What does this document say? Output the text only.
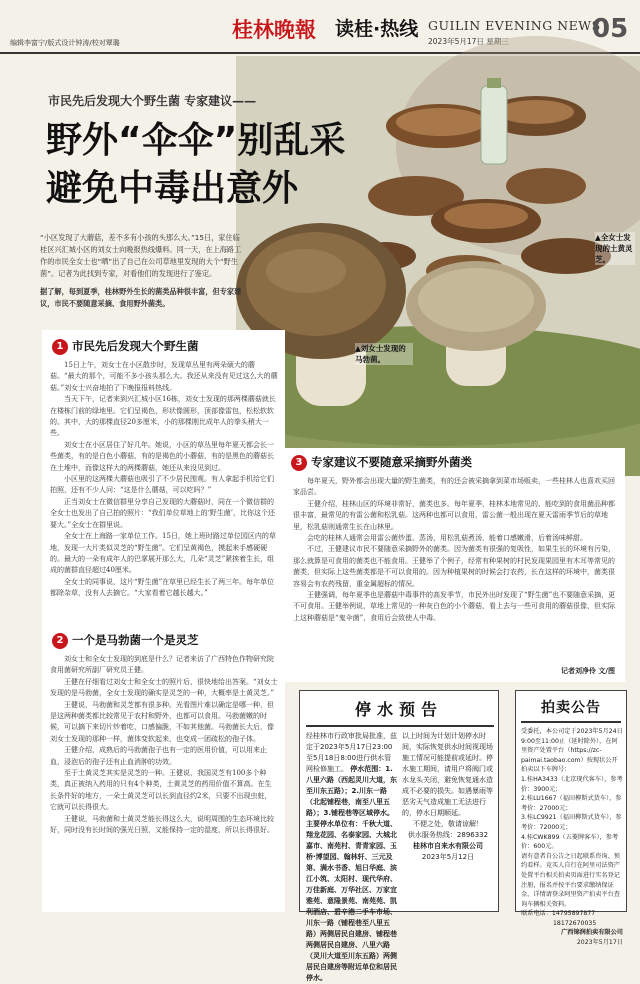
编辑李富宁/版式设计钟涛/校对覃璐
桂林晚報 读桂·热线 GUILIN EVENING NEWS
2023年5月17日 星期三	05
市民先后发现大个野生菌 专家建议——
野外“伞伞”别乱采
避免中毒出意外
“小区发现了大蘑菇，差不多有小孩的头那么大。”15日，家住临桂区兴汇城小区的刘女士向晚报热线爆料。同一天，在上海路工作的市民全女士也“晒”出了自己在公司草地里发现的大个“野生菌”。记者为此找到专家，对看他们的发现进行了鉴定。
据了解，每到夏季，桂林野外生长的菌类品种很丰富，但专家建议，市民不要随意采摘、食用野外菌类。
▲全女士发现的土黄灵芝。
▲刘女士发现的马勃菌。
1 市民先后发现大个野生菌

15日上午，刘女士在小区散步时，发现草丛里有两朵硕大的蘑菇。“最大的那个，可能不多小孩头那么大。我还从来没有见过这么大的蘑菇。”刘女士兴奋地拍了下晚报报料热线。

当天下午，记者来到兴汇城小区16栋，刘女士发现的那两棵蘑菇就长在楼栋门前的绿地里。它们呈褐色，形状像圆形，顶部像雷包，松松软软的。其中，大的那棵直径20多厘米，小的那棵刚比成年人的拳头稍大一些。

刘女士在小区居住了好几年。她说，小区的草丛里每年夏天都会长一些菌类，有的是白色小蘑菇，有的是褐色的小蘑菇，有的是黑色的蘑菇长在土堆中，而像这样大的两棵蘑菇，她还从来没见到过。

小区里的这两棵大蘑菇也吸引了不少居民围观。有人拿起手机给它们拍照，还有不少人问：“这是什么蘑菇，可以吃吗？”

正当刘女士在微信群里分享自己发现的大蘑菇时，同在一个微信群的全女士也发出了自己拍的照片：“我们单位草地上的‘野生菌’，比你这个还要大。”全女士在群里说。

全女士在上海路一家单位工作。15日，她上班时路过单位园区内的草地，发现一大片类似灵芝的“野生菌”。它们呈黄褐色，摸起来手感硬硬的。最大的一朵有成年人的巴掌展开那么大，几朵“灵芝”紧挨着生长，组成的菌群直径超过40厘米。

全女士的同事说，这片“野生菌”在草里已经生长了两三年。每年单位都除杂草，没有人去摘它。“大家看着它越长越大。”

2 一个是马勃菌一个是灵芝

刘女士和全女士发现的到底是什么？记者来访了广西特色作物研究院食用菌研究所副厂研究员王健。

王健在仔细看过刘女士和全女士的照片后，很快地给出答案。“刘女士发现的是马勃菌，全女士发现的确实是灵芝的一种，大概率是土黄灵芝。”

王健说，马勃菌和灵芝都有很多种。光看图片难以确定是哪一种，但是这两种菌类都比较常见于农村和野外，也都可以食用。马勃菌嫩的时候，可以摘下来切片炒着吃，口感偏脆，不如其他菌。马勃菌长大后，像刘女士发现的那种一样，菌体变软起来，也变成一团疏松的孢子体。

王健介绍，成熟后的马勃菌孢子也有一定的医用价值，可以用来止血，浸泡后的孢子还有止血消肿的功效。

至于土黄灵芝其实是灵芝的一种。王健说，我国灵芝有100多个种类，真正被纳入药用的只有4个种类，土黄灵芝的药用价值不算高。在生长条件好的地方，一朵土黄灵芝可以长到直径约2米，只要不出现虫蛀，它就可以长得很大。

王健说，马勃菌和土黄灵芝能长得这么大，说明周围的生态环境比较好，同时没有长时间的强光日照，又能保持一定的湿度，所以长得很好。

3 专家建议不要随意采摘野外菌类

每年夏天，野外都会出现大量的野生菌类，有的还会被采摘拿到菜市场贩卖，一些桂林人也喜欢买回家品尝。

王健介绍，桂林山区的环境非常好，菌类也多。每年夏季，桂林本地常见的、能吃到的食用菌品种都很丰富，最常见的有雷公菌和松乳菇。这两种也都可以食用，雷公菌一般出现在夏天雷雨季节后的草地里，松乳菇则通常生长在山林里。

会吃的桂林人通常会用雷公菌炒蛋、蒸汤，用松乳菇煮汤，能着口感嫩滑，后着汤味鲜甜。

不过，王健建议市民不要随意采摘野外的菌类。因为菌类有很强的复吸性，如果生长的环境有污染，那么就算是可食用的菌类也不能食用。王健举了个例子，经常有种果树的村民发现果园里有木耳等常见的菌类，但实际上这些菌类都是不可以食用的。因为种植果树的时候会打农药，长在这样的环境中，菌类很容易会有农药残留，重金属超标的情况。

王健强调，每年夏季也是蘑菇中毒事件的高发季节，市民外出时发现了“野生菌”也不要随意采摘，更不可食用。王健举例说，草地上常见的一种灰白色的小个蘑菇，看上去与一些可食用的蘑菇很像，但实际上这种蘑菇是“鬼伞菌”，食用后会致使人中毒。

记者刘净伶 文/图
停水预告
经桂林市行政审批局批准，兹定于2023年5月17日23:00至5月18日8:00进行供水管网检修施工。 停水范围：1.八里六路（西起灵川大道，东至川东五路）；2.川东一路（北起铺程巷，南至八里五路）；3.铺程巷等区域停水。主要停水单位有：千秋大道、翔龙花园、名泰家园、大城北嘉市、南苑村、青青家园、玉桥·博望园、翰林轩、三元及第、满水书香、旭日华庭、滨江小筑、太阳村、现代华府、万佳新庭、万华社区、万家宜雅苑、意隆景苑、南苑苑、凯利酒店、碧辛港二手车市场、川东一路（铺程巷至八里五路）两侧居民自建房、铺程巷两侧居民自建房、八里六路（灵川大道至川东五路）两侧居民自建房等附近单位和居民停水。
以上时间为计划计划停水时间，实际恢复供水时间视现场施工情况可能提前或延时。停水施工期间，请用户将阀门或水龙头关闭，避免恢复通水造成不必要的损失。如遇暴雨等恶劣天气造成施工无法进行的，停水日期顺延。
不便之处，敬请谅解！
供水服务热线：2896332
桂林市自来水有限公司
2023年5月12日
拍卖公告
受委托，本公司定于2023年5月24日9:00至11:00止（延时除外），在阿里资产处置平台（https://zc-paimai.taobao.com）按现状公开拍卖以下车牌号：
1.桂HA3433（北京现代客车），参考价：3900元；
2.桂LU1667（福田柳斯式货车），参考价：27000元；
3.桂LC9921（福田柳斯式货车），参考价：72000元；
4.桂CWK899（五菱牌客车），参考价：600元。
请有意者自公告之日起联系咨询、预约看样。竞买人自行在阿里司法资产处置平台相关拍卖页面进行实名登记注册，报名并按平台要求缴纳保证金，详情请登录阿里资产拍卖平台查询车辆相关资料。
联系电话：14795897877
18172670035
广西锦润拍卖有限公司
2023年5月17日
